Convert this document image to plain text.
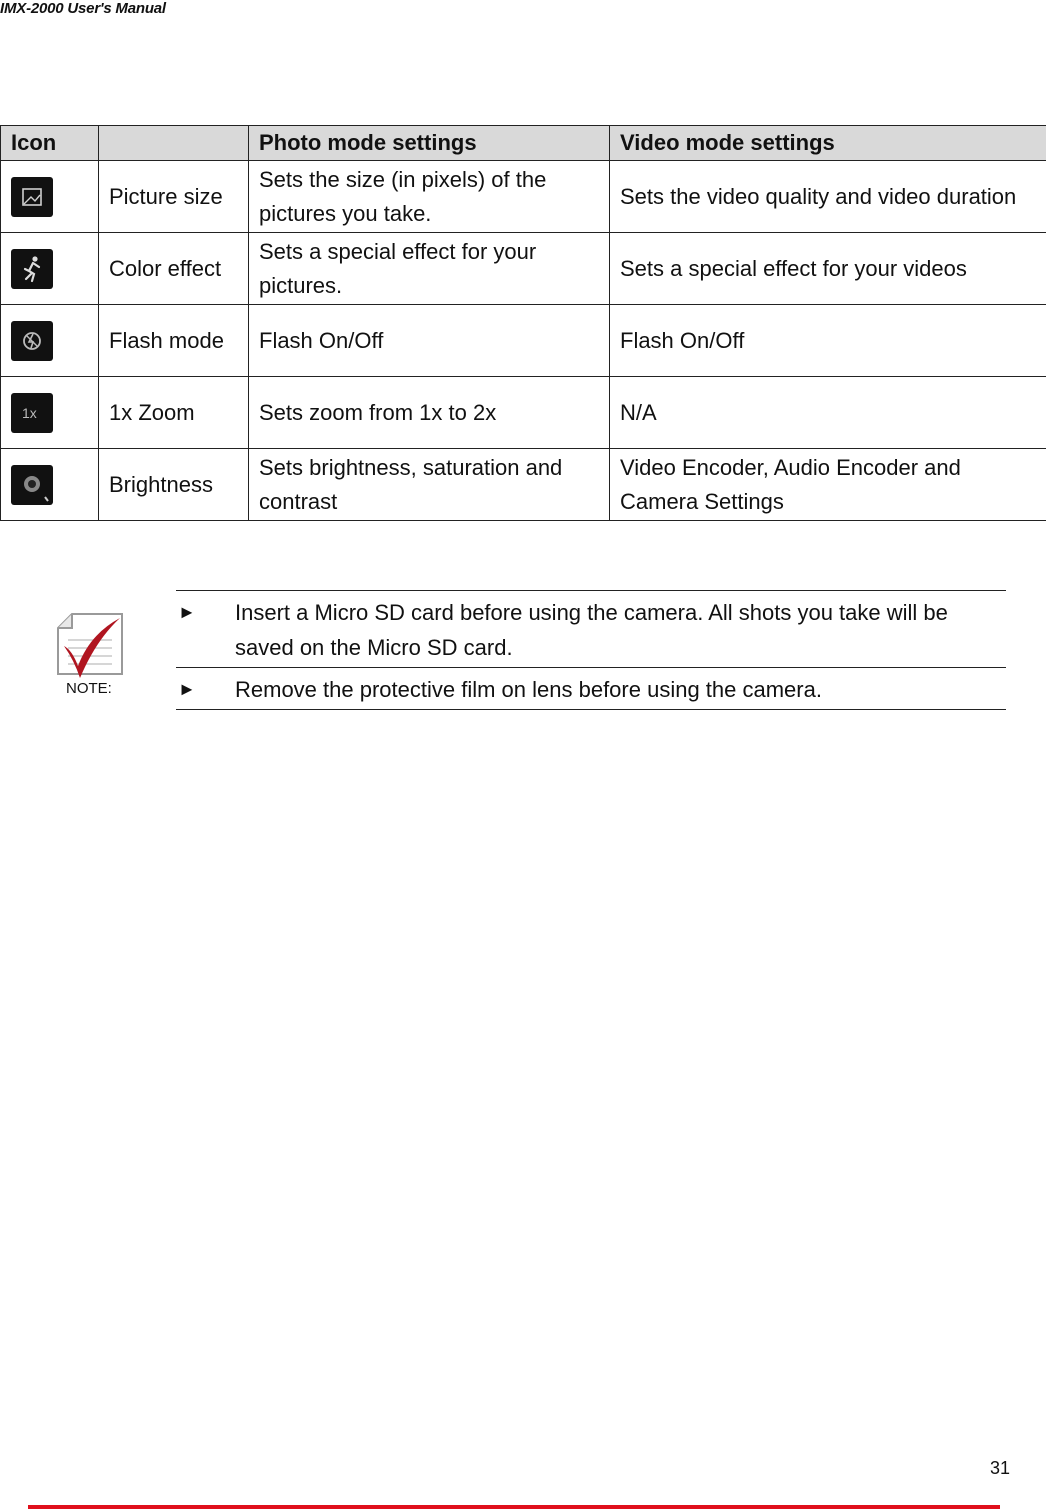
IMX-2000 User's Manual
Icon		Photo mode settings	Video mode settings

	Picture size	Sets the size (in pixels) of the pictures you take.	Sets the video quality and video duration

	Color effect	Sets a special effect for your pictures.	Sets a special effect for your videos

	Flash mode	Flash On/Off	Flash On/Off

1x	1x Zoom	Sets zoom from 1x to 2x	N/A

	Brightness	Sets brightness, saturation and contrast	Video Encoder, Audio Encoder and Camera Settings
NOTE:
►	Insert a Micro SD card before using the camera. All shots you take will be saved on the Micro SD card.
►	Remove the protective film on lens before using the camera.
31
